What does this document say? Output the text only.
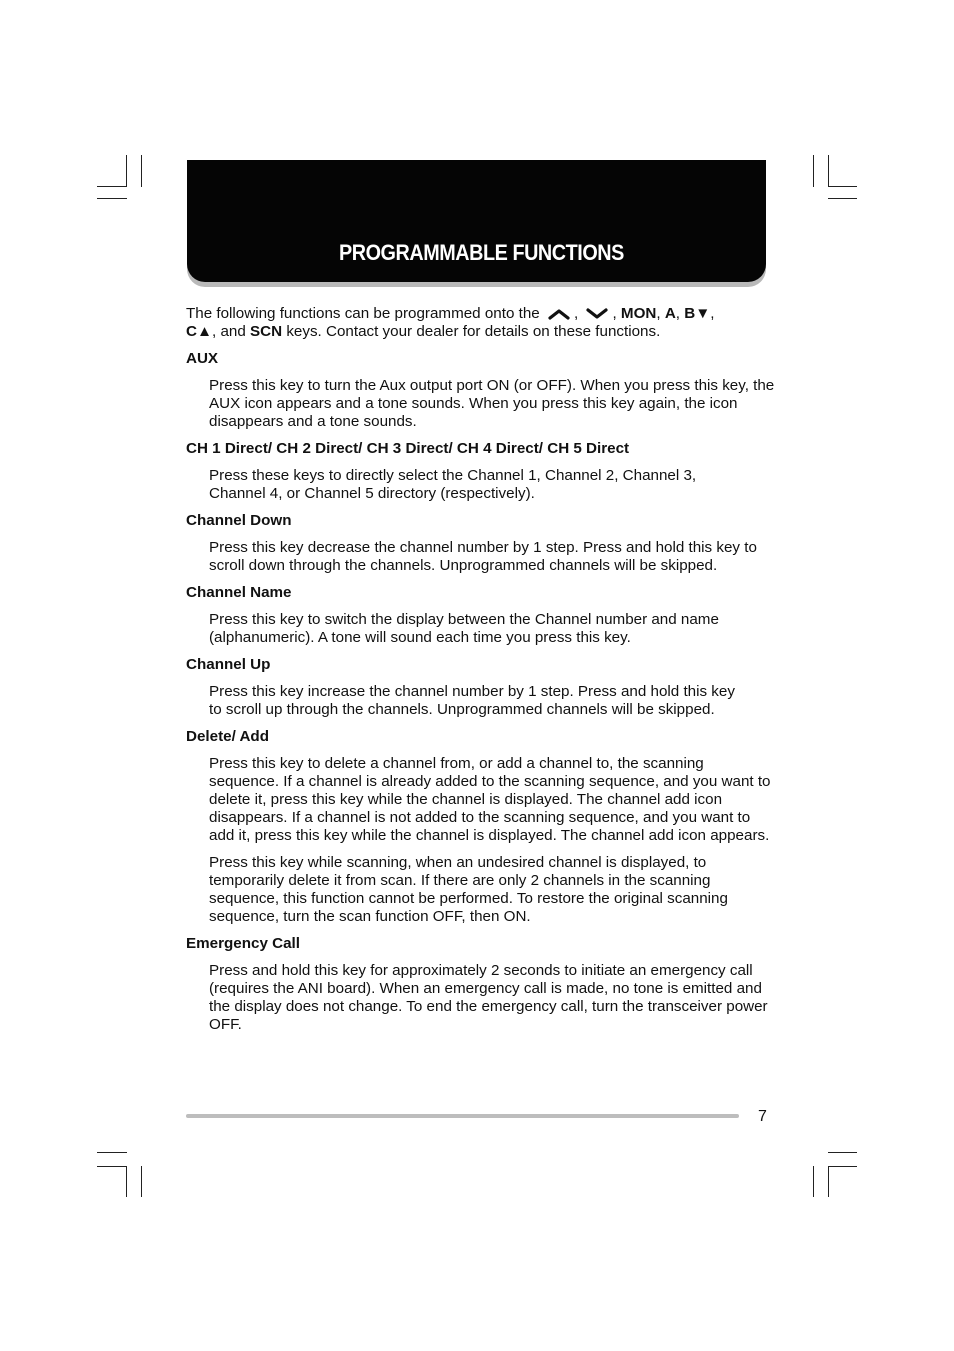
PROGRAMMABLE FUNCTIONS
The following functions can be programmed onto the , , MON, A, B▼,
C▲, and SCN keys. Contact your dealer for details on these functions.
AUX
Press this key to turn the Aux output port ON (or OFF). When you press this key, the AUX icon appears and a tone sounds. When you press this key again, the icon disappears and a tone sounds.
CH 1 Direct/ CH 2 Direct/ CH 3 Direct/ CH 4 Direct/ CH 5 Direct
Press these keys to directly select the Channel 1, Channel 2, Channel 3, Channel 4, or Channel 5 directory (respectively).
Channel Down
Press this key decrease the channel number by 1 step. Press and hold this key to scroll down through the channels. Unprogrammed channels will be skipped.
Channel Name
Press this key to switch the display between the Channel number and name (alphanumeric). A tone will sound each time you press this key.
Channel Up
Press this key increase the channel number by 1 step. Press and hold this key to scroll up through the channels. Unprogrammed channels will be skipped.
Delete/ Add
Press this key to delete a channel from, or add a channel to, the scanning sequence. If a channel is already added to the scanning sequence, and you want to delete it, press this key while the channel is displayed. The channel add icon disappears. If a channel is not added to the scanning sequence, and you want to add it, press this key while the channel is displayed. The channel add icon appears.
Press this key while scanning, when an undesired channel is displayed, to temporarily delete it from scan. If there are only 2 channels in the scanning sequence, this function cannot be performed. To restore the original scanning sequence, turn the scan function OFF, then ON.
Emergency Call
Press and hold this key for approximately 2 seconds to initiate an emergency call (requires the ANI board). When an emergency call is made, no tone is emitted and the display does not change. To end the emergency call, turn the transceiver power OFF.
7
